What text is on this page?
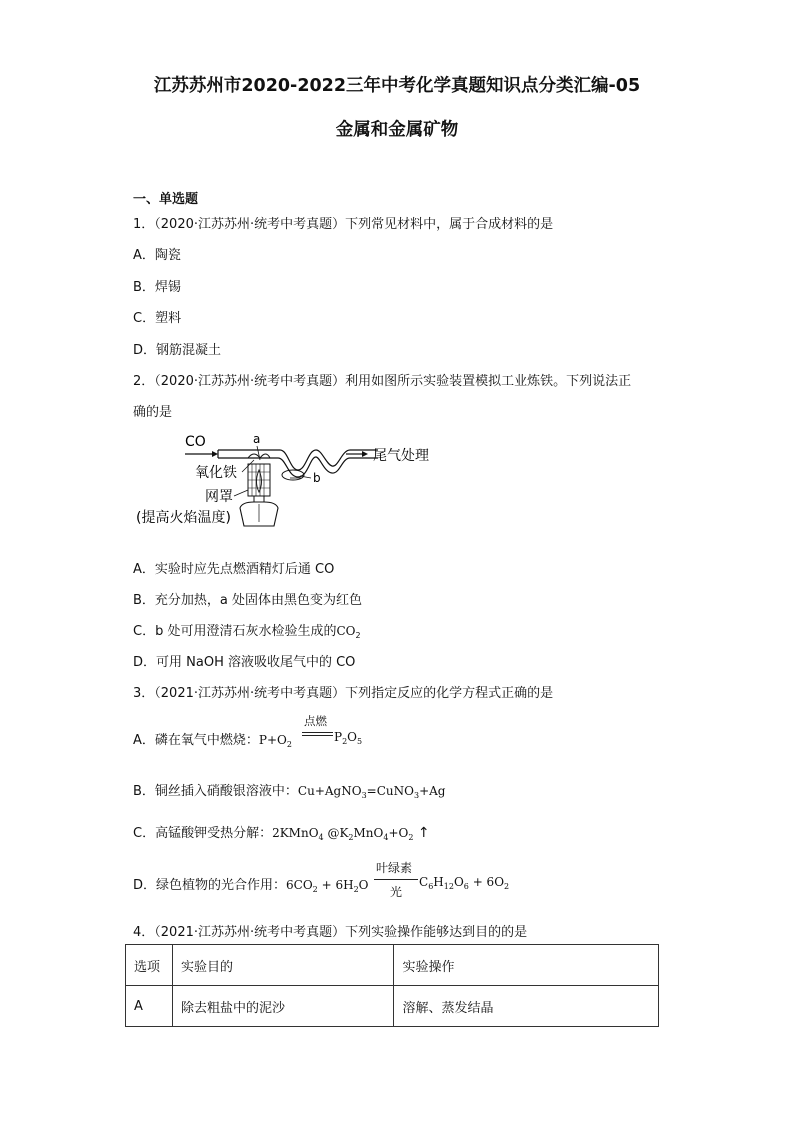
江苏苏州市2020-2022三年中考化学真题知识点分类汇编-05
金属和金属矿物
一、单选题
1．（2020·江苏苏州·统考中考真题）下列常见材料中，属于合成材料的是
A．陶瓷
B．焊锡
C．塑料
D．钢筋混凝土
2．（2020·江苏苏州·统考中考真题）利用如图所示实验装置模拟工业炼铁。下列说法正
确的是
CO	a
b
尾气处理
氧化铁
网罩
(提高火焰温度)
A．实验时应先点燃酒精灯后通 CO
B．充分加热，a 处固体由黑色变为红色
C．b 处可用澄清石灰水检验生成的$CO_2$
D．可用 NaOH 溶液吸收尾气中的 CO
3．（2021·江苏苏州·统考中考真题）下列指定反应的化学方程式正确的是
A．磷在氧气中燃烧：$P+O_2$
点燃
$P_2O_5$
B．铜丝插入硝酸银溶液中：Cu+AgNO$_3$=CuNO$_3$+Ag
C．高锰酸钾受热分解：2KMnO$_4$ $@K_2MnO_4+O_2$ ↑
D．绿色植物的光合作用：$6CO_2 + 6H_2O$
叶绿素
光
$C_6H_{12}O_6 + 6O_2$
4．（2021·江苏苏州·统考中考真题）下列实验操作能够达到目的的是
选项	实验目的	实验操作
A	除去粗盐中的泥沙	溶解、蒸发结晶
